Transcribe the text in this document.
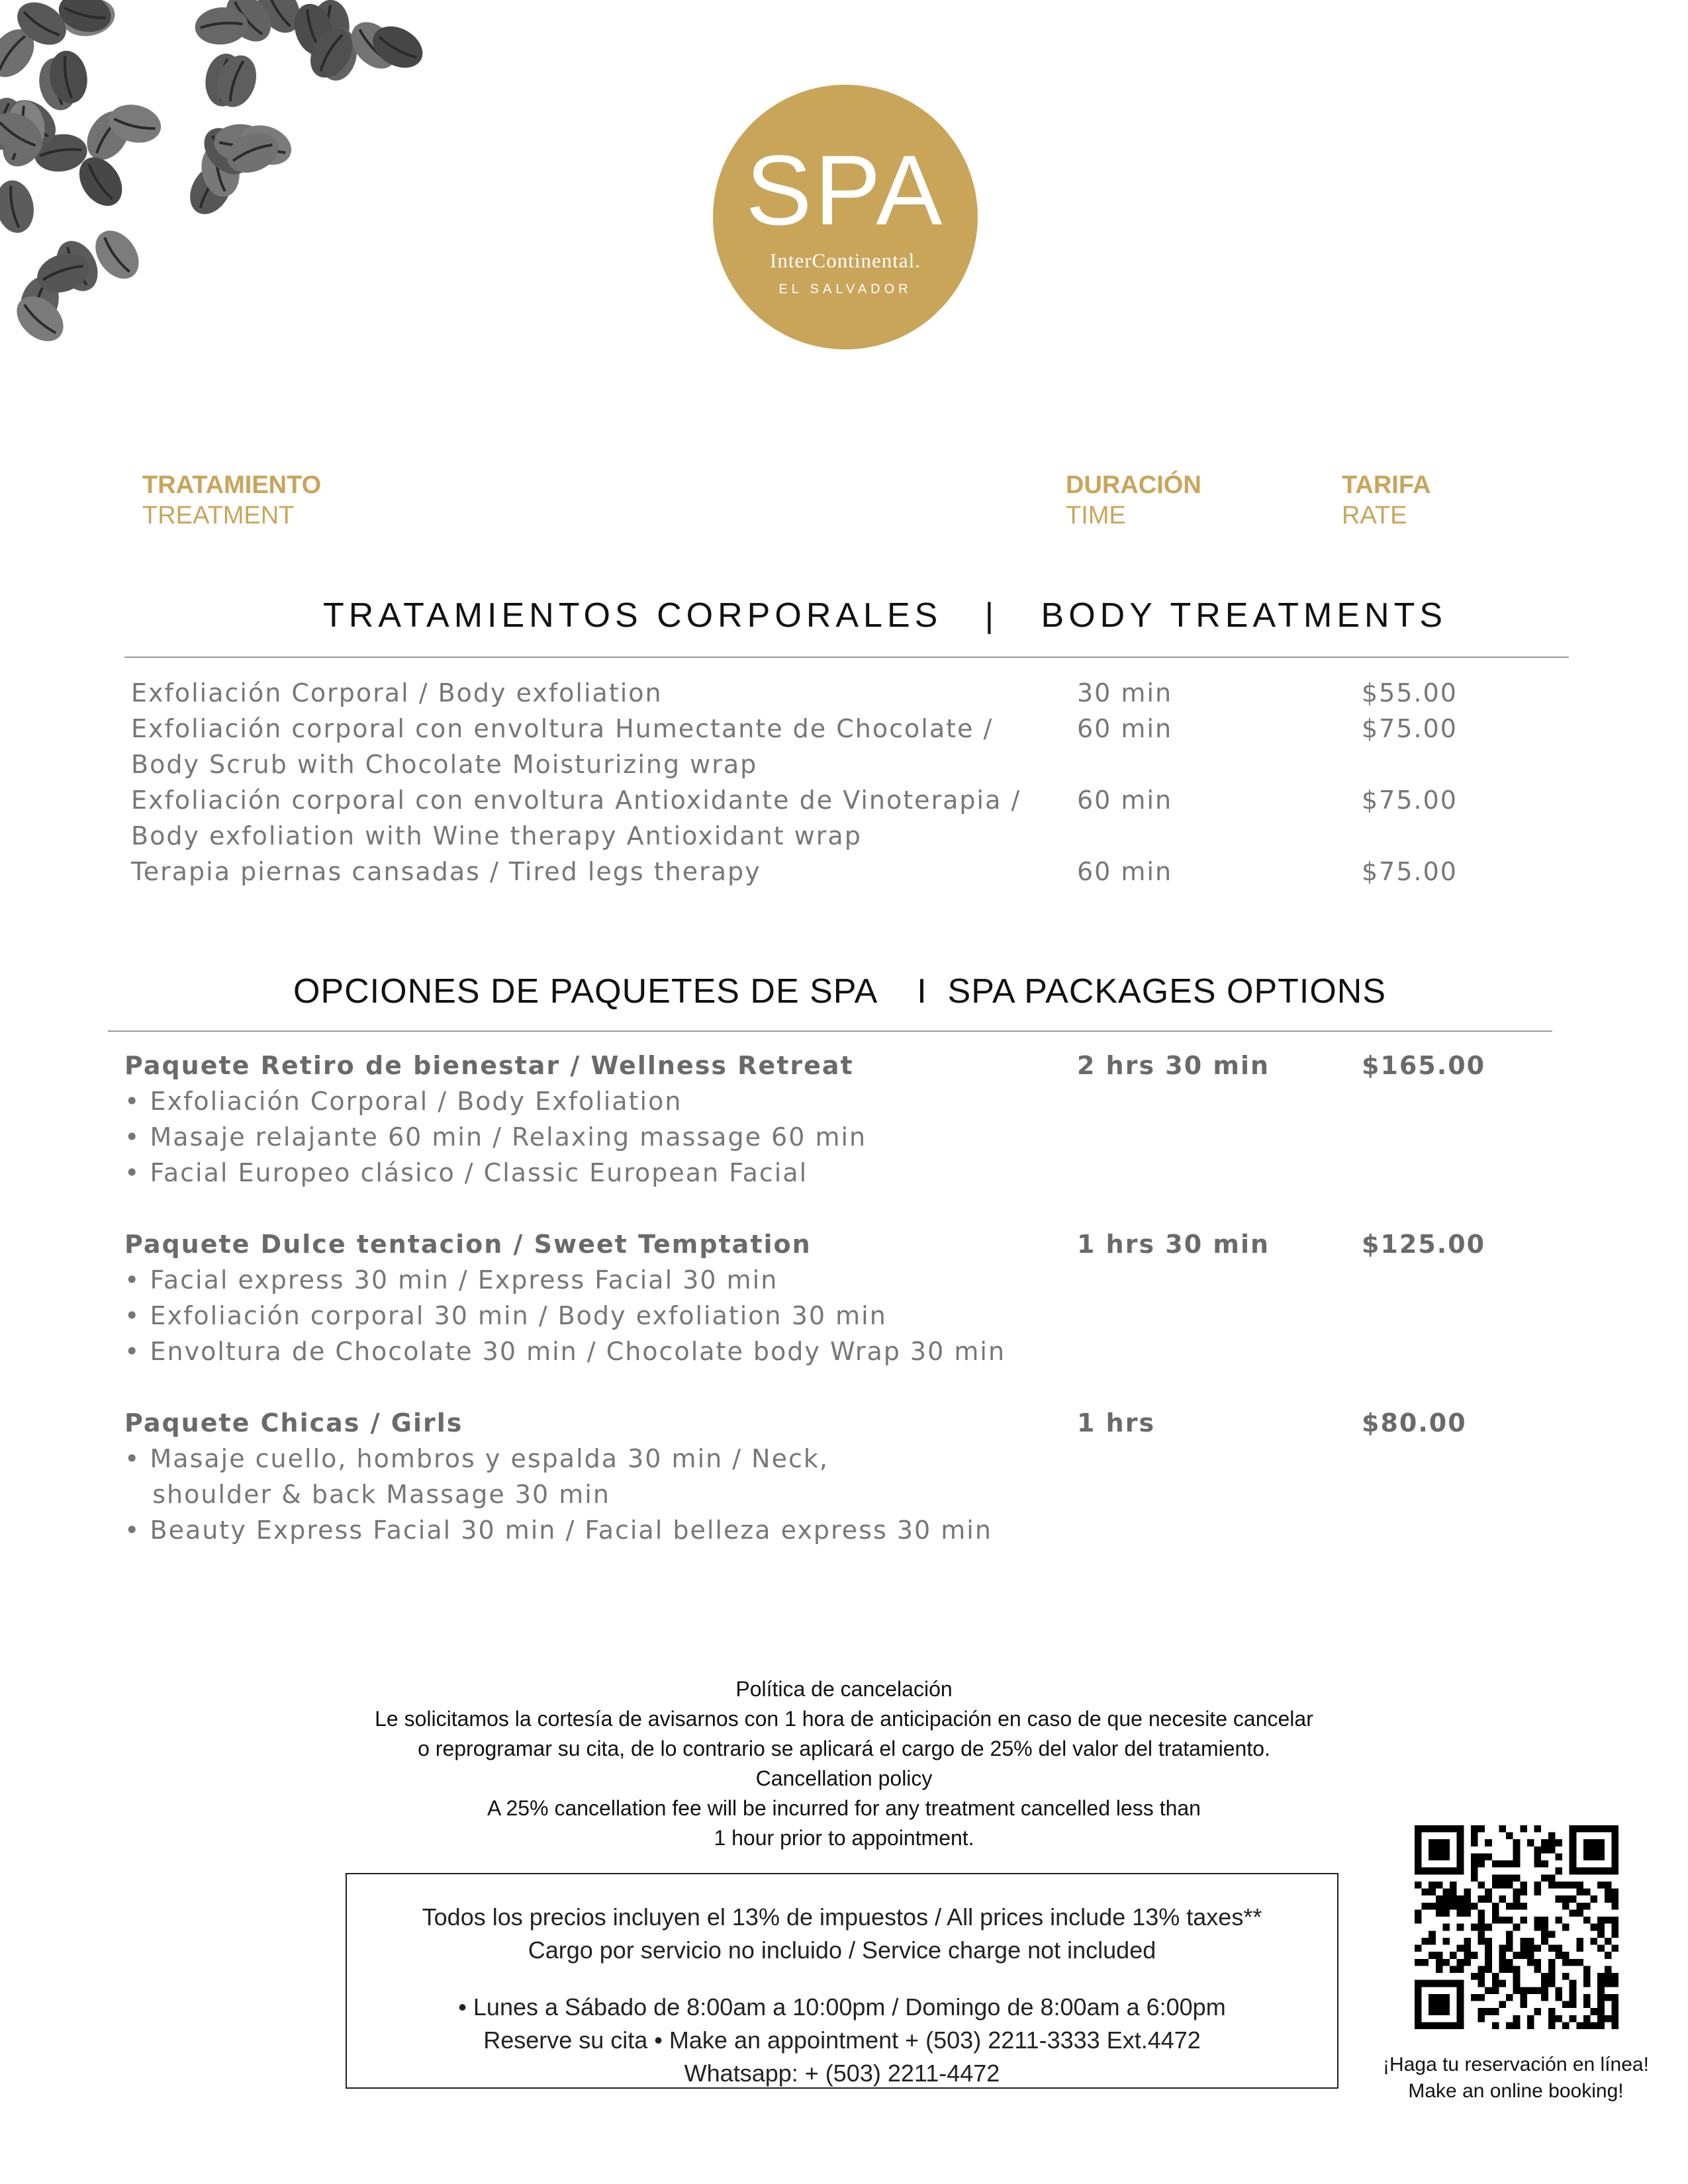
SPA
InterContinental.
EL SALVADOR
TRATAMIENTO
TREATMENT
DURACIÓN
TIME
TARIFA
RATE
TRATAMIENTOS CORPORALES   |   BODY TREATMENTS
Exfoliación Corporal / Body exfoliation	30 min	$55.00
Exfoliación corporal con envoltura Humectante de Chocolate /	60 min	$75.00
Body Scrub with Chocolate Moisturizing wrap
Exfoliación corporal con envoltura Antioxidante de Vinoterapia / 60 min	$75.00
Body exfoliation with Wine therapy Antioxidant wrap
Terapia piernas cansadas / Tired legs therapy	60 min	$75.00
OPCIONES DE PAQUETES DE SPA    I  SPA PACKAGES OPTIONS
Paquete Retiro de bienestar / Wellness Retreat	2 hrs 30 min	$165.00
• Exfoliación Corporal / Body Exfoliation
• Masaje relajante 60 min / Relaxing massage 60 min
• Facial Europeo clásico / Classic European Facial
Paquete Dulce tentacion / Sweet Temptation	1 hrs 30 min	$125.00
• Facial express 30 min / Express Facial 30 min
• Exfoliación corporal 30 min / Body exfoliation 30 min
• Envoltura de Chocolate 30 min / Chocolate body Wrap 30 min
Paquete Chicas / Girls	1 hrs	$80.00
• Masaje cuello, hombros y espalda 30 min / Neck,
shoulder & back Massage 30 min
• Beauty Express Facial 30 min / Facial belleza express 30 min
Política de cancelación
Le solicitamos la cortesía de avisarnos con 1 hora de anticipación en caso de que necesite cancelar
o reprogramar su cita, de lo contrario se aplicará el cargo de 25% del valor del tratamiento.
Cancellation policy
A 25% cancellation fee will be incurred for any treatment cancelled less than
1 hour prior to appointment.
Todos los precios incluyen el 13% de impuestos / All prices include 13% taxes**
Cargo por servicio no incluido / Service charge not included
• Lunes a Sábado de 8:00am a 10:00pm / Domingo de 8:00am a 6:00pm
Reserve su cita • Make an appointment + (503) 2211-3333 Ext.4472
Whatsapp: + (503) 2211-4472	¡Haga tu reservación en línea!
Make an online booking!
